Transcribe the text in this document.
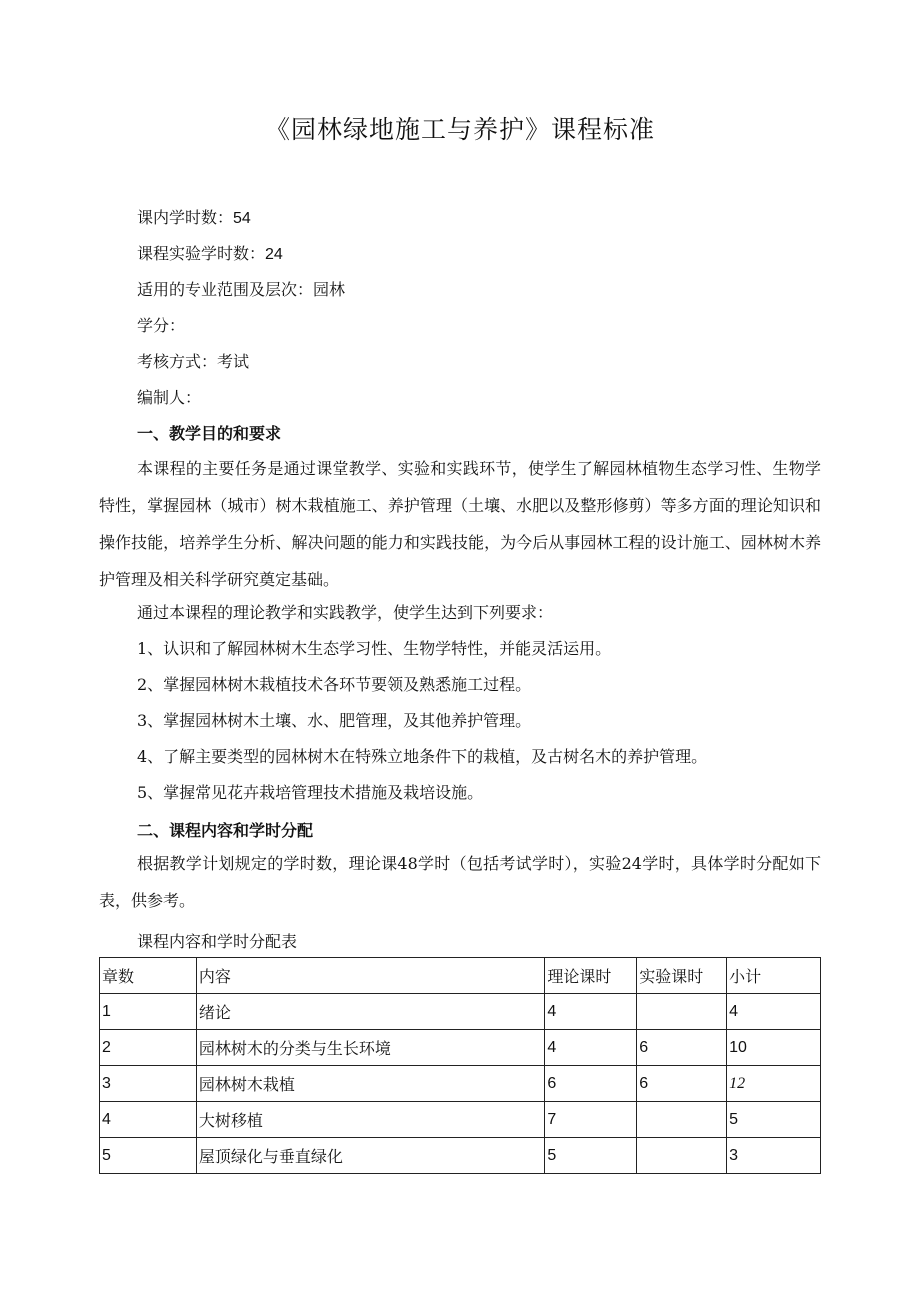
《园林绿地施工与养护》课程标准
课内学时数：54
课程实验学时数：24
适用的专业范围及层次：园林
学分：
考核方式：考试
编制人：
一、教学目的和要求
本课程的主要任务是通过课堂教学、实验和实践环节，使学生了解园林植物生态学习性、生物学特性，掌握园林（城市）树木栽植施工、养护管理（土壤、水肥以及整形修剪）等多方面的理论知识和操作技能，培养学生分析、解决问题的能力和实践技能，为今后从事园林工程的设计施工、园林树木养护管理及相关科学研究奠定基础。
通过本课程的理论教学和实践教学，使学生达到下列要求：
1、认识和了解园林树木生态学习性、生物学特性，并能灵活运用。
2、掌握园林树木栽植技术各环节要领及熟悉施工过程。
3、掌握园林树木土壤、水、肥管理，及其他养护管理。
4、了解主要类型的园林树木在特殊立地条件下的栽植，及古树名木的养护管理。
5、掌握常见花卉栽培管理技术措施及栽培设施。
二、课程内容和学时分配
根据教学计划规定的学时数，理论课48学时（包括考试学时），实验24学时，具体学时分配如下表，供参考。
课程内容和学时分配表
章数	内容	理论课时	实验课时	小计
1	绪论	4		4
2	园林树木的分类与生长环境	4	6	10
3	园林树木栽植	6	6	12
4	大树移植	7		5
5	屋顶绿化与垂直绿化	5		3
